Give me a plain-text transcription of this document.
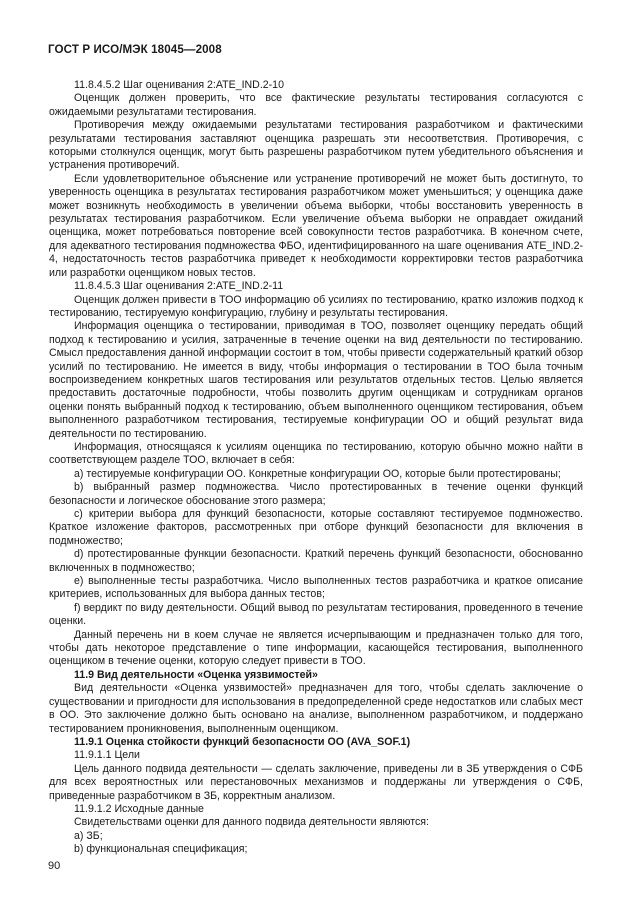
ГОСТ Р ИСО/МЭК 18045—2008

11.8.4.5.2 Шаг оценивания 2:ATE_IND.2-10

Оценщик должен проверить, что все фактические результаты тестирования согласуются с ожидаемыми результатами тестирования.

Противоречия между ожидаемыми результатами тестирования разработчиком и фактическими результатами тестирования заставляют оценщика разрешать эти несоответствия. Противоречия, с которыми столкнулся оценщик, могут быть разрешены разработчиком путем убедительного объяснения и устранения противоречий.

Если удовлетворительное объяснение или устранение противоречий не может быть достигнуто, то уверенность оценщика в результатах тестирования разработчиком может уменьшиться; у оценщика даже может возникнуть необходимость в увеличении объема выборки, чтобы восстановить уверенность в результатах тестирования разработчиком. Если увеличение объема выборки не оправдает ожиданий оценщика, может потребоваться повторение всей совокупности тестов разработчика. В конечном счете, для адекватного тестирования подмножества ФБО, идентифицированного на шаге оценивания ATE_IND.2-4, недостаточность тестов разработчика приведет к необходимости корректировки тестов разработчика или разработки оценщиком новых тестов.

11.8.4.5.3 Шаг оценивания 2:ATE_IND.2-11

Оценщик должен привести в ТОО информацию об усилиях по тестированию, кратко изложив подход к тестированию, тестируемую конфигурацию, глубину и результаты тестирования.

Информация оценщика о тестировании, приводимая в ТОО, позволяет оценщику передать общий подход к тестированию и усилия, затраченные в течение оценки на вид деятельности по тестированию. Смысл предоставления данной информации состоит в том, чтобы привести содержательный краткий обзор усилий по тестированию. Не имеется в виду, чтобы информация о тестировании в ТОО была точным воспроизведением конкретных шагов тестирования или результатов отдельных тестов. Целью является предоставить достаточные подробности, чтобы позволить другим оценщикам и сотрудникам органов оценки понять выбранный подход к тестированию, объем выполненного оценщиком тестирования, объем выполненного разработчиком тестирования, тестируемые конфигурации ОО и общий результат вида деятельности по тестированию.

Информация, относящаяся к усилиям оценщика по тестированию, которую обычно можно найти в соответствующем разделе ТОО, включает в себя:

а) тестируемые конфигурации ОО. Конкретные конфигурации ОО, которые были протестированы;

b) выбранный размер подмножества. Число протестированных в течение оценки функций безопасности и логическое обоснование этого размера;

с) критерии выбора для функций безопасности, которые составляют тестируемое подмножество. Краткое изложение факторов, рассмотренных при отборе функций безопасности для включения в подмножество;

d) протестированные функции безопасности. Краткий перечень функций безопасности, обоснованно включенных в подмножество;

е) выполненные тесты разработчика. Число выполненных тестов разработчика и краткое описание критериев, использованных для выбора данных тестов;

f) вердикт по виду деятельности. Общий вывод по результатам тестирования, проведенного в течение оценки.

Данный перечень ни в коем случае не является исчерпывающим и предназначен только для того, чтобы дать некоторое представление о типе информации, касающейся тестирования, выполненного оценщиком в течение оценки, которую следует привести в ТОО.

11.9 Вид деятельности «Оценка уязвимостей»

Вид деятельности «Оценка уязвимостей» предназначен для того, чтобы сделать заключение о существовании и пригодности для использования в предопределенной среде недостатков или слабых мест в ОО. Это заключение должно быть основано на анализе, выполненном разработчиком, и поддержано тестированием проникновения, выполненным оценщиком.

11.9.1 Оценка стойкости функций безопасности ОО (AVA_SOF.1)

11.9.1.1 Цели

Цель данного подвида деятельности — сделать заключение, приведены ли в ЗБ утверждения о СФБ для всех вероятностных или перестановочных механизмов и поддержаны ли утверждения о СФБ, приведенные разработчиком в ЗБ, корректным анализом.

11.9.1.2 Исходные данные

Свидетельствами оценки для данного подвида деятельности являются:

а) ЗБ;

b) функциональная спецификация;

90
